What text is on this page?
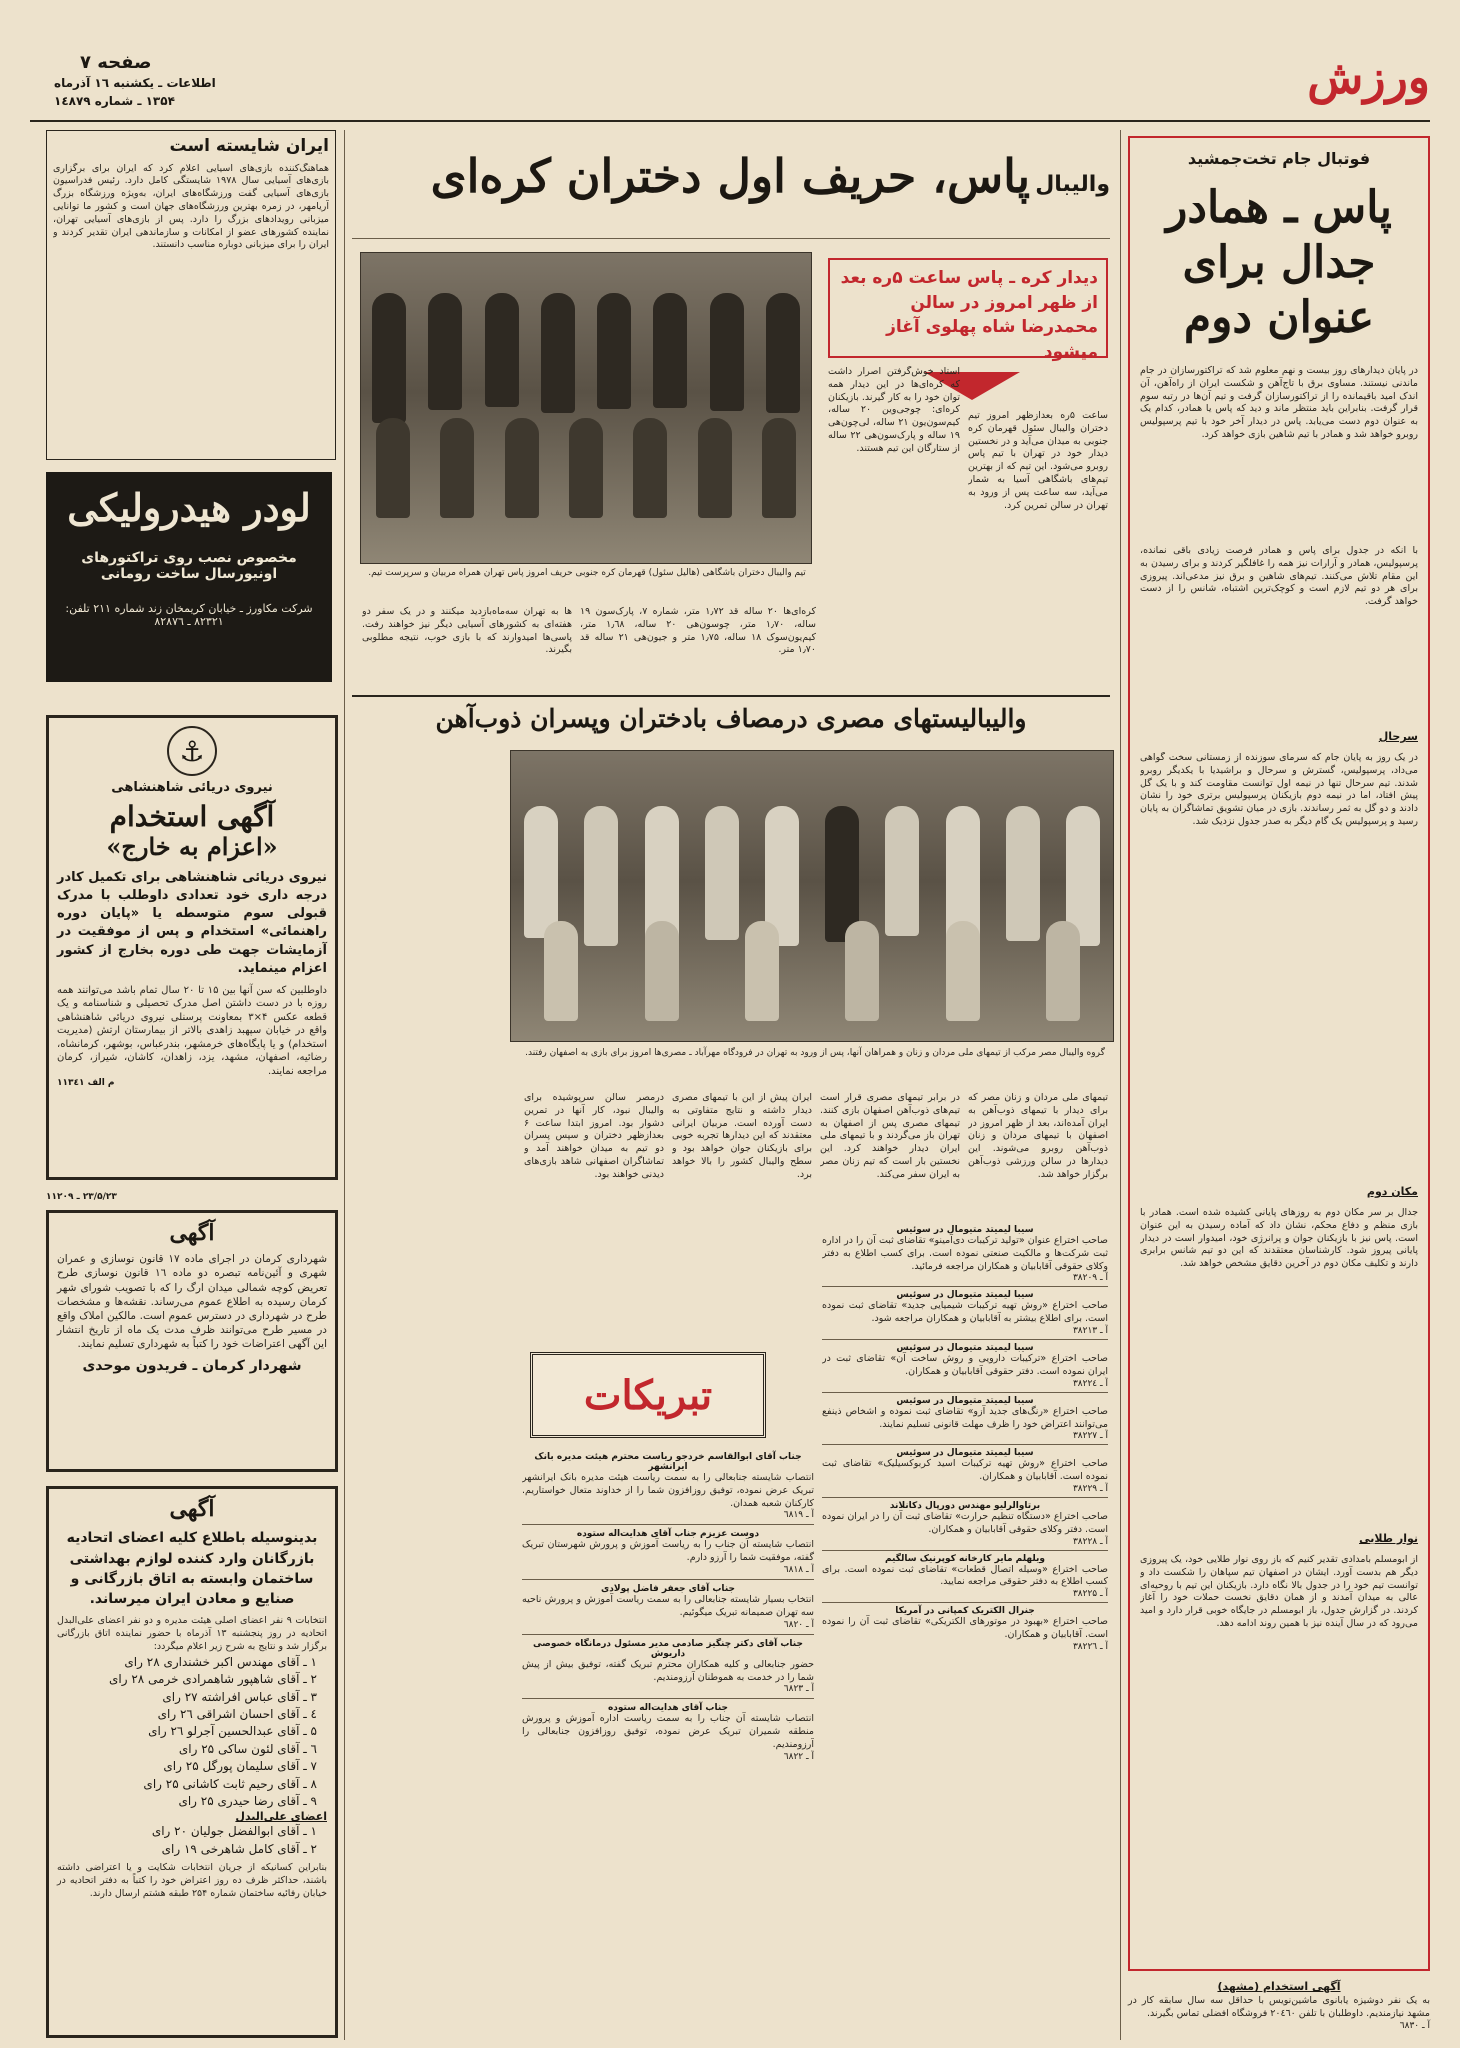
ورزش
صفحه ۷
اطلاعات ـ یکشنبه ۱٦ آذرماه
۱۳۵۴ ـ شماره ۱٤۸۷۹
فوتبال جام تخت‌جمشید
پاس ـ همادر جدال برای عنوان دوم
در پایان دیدارهای روز بیست و نهم معلوم شد که تراکتورسازان در جام ماندنی نیستند. مساوی برق با تاج‌آهن و شکست ایران از راه‌آهن، آن اندک امید باقیمانده را از تراکتورسازان گرفت و تیم آن‌ها در رتبه سوم قرار گرفت. بنابراین باید منتظر ماند و دید که پاس یا همادر، کدام یک به عنوان دوم دست می‌یابد. پاس در دیدار آخر خود با تیم پرسپولیس روبرو خواهد شد و همادر با تیم شاهین بازی خواهد کرد.
با آنکه در جدول برای پاس و همادر فرصت زیادی باقی نمانده، پرسپولیس، همادر و آرارات نیز همه را غافلگیر کردند و برای رسیدن به این مقام تلاش می‌کنند. تیم‌های شاهین و برق نیز مدعی‌اند. پیروزی برای هر دو تیم لازم است و کوچک‌ترین اشتباه، شانس را از دست خواهد گرفت.
سرحال
در یک روز به پایان جام که سرمای سوزنده از زمستانی سخت گواهی می‌داد، پرسپولیس، گسترش و سرحال و براشیدیا با یکدیگر روبرو شدند. تیم سرحال تنها در نیمه اول توانست مقاومت کند و با یک گل پیش افتاد، اما در نیمه دوم بازیکنان پرسپولیس برتری خود را نشان دادند و دو گل به ثمر رساندند. بازی در میان تشویق تماشاگران به پایان رسید و پرسپولیس یک گام دیگر به صدر جدول نزدیک شد.
مکان دوم
جدال بر سر مکان دوم به روزهای پایانی کشیده شده است. همادر با بازی منظم و دفاع محکم، نشان داد که آماده رسیدن به این عنوان است. پاس نیز با بازیکنان جوان و پرانرژی خود، امیدوار است در دیدار پایانی پیروز شود. کارشناسان معتقدند که این دو تیم شانس برابری دارند و تکلیف مکان دوم در آخرین دقایق مشخص خواهد شد.
نوار طلایی
از ابومسلم بامدادی تقدیر کنیم که باز روی نوار طلایی خود، یک پیروزی دیگر هم بدست آورد. ایشان در اصفهان تیم سپاهان را شکست داد و توانست تیم خود را در جدول بالا نگاه دارد. بازیکنان این تیم با روحیه‌ای عالی به میدان آمدند و از همان دقایق نخست حملات خود را آغاز کردند. در گزارش جدول، باز ابومسلم در جایگاه خوبی قرار دارد و امید می‌رود که در سال آینده نیز با همین روند ادامه دهد.
آگهی استخدام (مشهد)
به یک نفر دوشیزه یابانوی ماشین‌نویس با حداقل سه سال سابقه کار در مشهد نیازمندیم. داوطلبان با تلفن ۲۰٤٦۰ فروشگاه افضلی تماس بگیرند.
آ ـ ٦۸۳۰
والیبال
پاس، حریف اول دختران کره‌ای
دیدار کره ـ پاس ساعت ۵ره بعد از ظهر امروز در سالن محمدرضا شاه پهلوی آغاز میشود
ساعت ۵ره بعدازظهر امروز تیم دختران والیبال سئول قهرمان کره جنوبی به میدان می‌آید و در نخستین دیدار خود در تهران با تیم پاس روبرو می‌شود. این تیم که از بهترین تیم‌های باشگاهی آسیا به شمار می‌آید، سه ساعت پس از ورود به تهران در سالن تمرین کرد.
استاد خوش‌گرفتن اصرار داشت که کره‌ای‌ها در این دیدار همه توان خود را به کار گیرند. بازیکنان کره‌ای: چوجی‌وین ۲۰ ساله، کیم‌سون‌یون ۲۱ ساله، لی‌چون‌هی ۱۹ ساله و پارک‌سون‌هی ۲۲ ساله از ستارگان این تیم هستند.
تیم والیبال دختران باشگاهی (هالیل سئول) قهرمان کره جنوبی حریف امروز پاس تهران همراه مربیان و سرپرست تیم.
کره‌ای‌ها ۲۰ ساله قد ۱٫۷۲ متر، شماره ۷، پارک‌سون ۱۹ ساله، ۱٫۷۰ متر، چوسون‌هی ۲۰ ساله، ۱٫٦۸ متر، کیم‌یون‌سوک ۱۸ ساله، ۱٫۷۵ متر و جیون‌هی ۲۱ ساله قد ۱٫۷۰ متر.
ها به تهران سه‌ماه‌بازدید میکنند و در یک سفر دو هفته‌ای به کشورهای آسیایی دیگر نیز خواهند رفت. پاسی‌ها امیدوارند که با بازی خوب، نتیجه مطلوبی بگیرند.
والیبالیستهای مصری درمصاف بادختران وپسران ذوب‌آهن
گروه والیبال مصر مرکب از تیمهای ملی مردان و زنان و همراهان آنها، پس از ورود به تهران در فرودگاه مهرآباد ـ مصری‌ها امروز برای بازی به اصفهان رفتند.
تیمهای ملی مردان و زنان مصر که برای دیدار با تیمهای ذوب‌آهن به ایران آمده‌اند، بعد از ظهر امروز در اصفهان با تیمهای مردان و زنان ذوب‌آهن روبرو می‌شوند. این دیدارها در سالن ورزشی ذوب‌آهن برگزار خواهد شد.
در برابر تیمهای مصری قرار است تیم‌های ذوب‌آهن اصفهان بازی کنند. تیمهای مصری پس از اصفهان به تهران باز می‌گردند و با تیمهای ملی ایران دیدار خواهند کرد. این نخستین بار است که تیم زنان مصر به ایران سفر می‌کند.
ایران پیش از این با تیمهای مصری دیدار داشته و نتایج متفاوتی به دست آورده است. مربیان ایرانی معتقدند که این دیدارها تجربه خوبی برای بازیکنان جوان خواهد بود و سطح والیبال کشور را بالا خواهد برد.
درمصر سالن سرپوشیده برای والیبال نبود، کار آنها در تمرین دشوار بود. امروز ابتدا ساعت ۶ بعدازظهر دختران و سپس پسران دو تیم به میدان خواهند آمد و تماشاگران اصفهانی شاهد بازی‌های دیدنی خواهند بود.
سیبا لیمیتد متیومال در سوئیس
صاحب اختراع عنوان «تولید ترکیبات دی‌آمینو» تقاضای ثبت آن را در اداره ثبت شرکت‌ها و مالکیت صنعتی نموده است. برای کسب اطلاع به دفتر وکلای حقوقی آقابابیان و همکاران مراجعه فرمائید.
آ ـ ۳۸۲۰۹
سیبا لیمیتد متیومال در سوئیس
صاحب اختراع «روش تهیه ترکیبات شیمیایی جدید» تقاضای ثبت نموده است. برای اطلاع بیشتر به آقابابیان و همکاران مراجعه شود.
آ ـ ۳۸۲۱۳
سیبا لیمیتد متیومال در سوئیس
صاحب اختراع «ترکیبات دارویی و روش ساخت آن» تقاضای ثبت در ایران نموده است. دفتر حقوقی آقابابیان و همکاران.
آ ـ ۳۸۲۲٤
سیبا لیمیتد متیومال در سوئیس
صاحب اختراع «رنگ‌های جدید آزو» تقاضای ثبت نموده و اشخاص ذینفع می‌توانند اعتراض خود را ظرف مهلت قانونی تسلیم نمایند.
آ ـ ۳۸۲۲۷
سیبا لیمیتد متیومال در سوئیس
صاحب اختراع «روش تهیه ترکیبات اسید کربوکسیلیک» تقاضای ثبت نموده است. آقابابیان و همکاران.
آ ـ ۳۸۲۲۹
برتاوالرلیو مهندس دورپال دکانلاند
صاحب اختراع «دستگاه تنظیم حرارت» تقاضای ثبت آن را در ایران نموده است. دفتر وکلای حقوقی آقابابیان و همکاران.
آ ـ ۳۸۲۲۸
ویلهلم مایر کارخانه کوپرنیک سالگیم
صاحب اختراع «وسیله اتصال قطعات» تقاضای ثبت نموده است. برای کسب اطلاع به دفتر حقوقی مراجعه نمایید.
آ ـ ۳۸۲۲۵
جنرال الکتریک کمپانی در آمریکا
صاحب اختراع «بهبود در موتورهای الکتریکی» تقاضای ثبت آن را نموده است. آقابابیان و همکاران.
آ ـ ۳۸۲۲٦
تبریکات
جناب آقای ابوالقاسم خردجو ریاست محترم هیئت مدیره بانک ایرانشهر
انتصاب شایسته جنابعالی را به سمت ریاست هیئت مدیره بانک ایرانشهر تبریک عرض نموده، توفیق روزافزون شما را از خداوند متعال خواستاریم. کارکنان شعبه همدان.
آ ـ ٦۸۱۹
دوست عزیزم جناب آقای هدایت‌اله ستوده
انتصاب شایسته آن جناب را به ریاست آموزش و پرورش شهرستان تبریک گفته، موفقیت شما را آرزو دارم.
آ ـ ٦۸۱۸
جناب آقای جعفر فاضل پولادی
انتخاب بسیار شایسته جنابعالی را به سمت ریاست آموزش و پرورش ناحیه سه تهران صمیمانه تبریک میگوئیم.
آ ـ ٦۸۲۰
جناب آقای دکتر چنگیز صادمی مدیر مسئول درمانگاه خصوصی داریوش
حضور جنابعالی و کلیه همکاران محترم تبریک گفته، توفیق بیش از پیش شما را در خدمت به هموطنان آرزومندیم.
آ ـ ٦۸۲۳
جناب آقای هدایت‌اله ستوده
انتصاب شایسته آن جناب را به سمت ریاست اداره آموزش و پرورش منطقه شمیران تبریک عرض نموده، توفیق روزافزون جنابعالی را آرزومندیم.
آ ـ ٦۸۲۲
ایران شایسته است
هماهنگ‌کننده بازی‌های آسیایی اعلام کرد که ایران برای برگزاری بازی‌های آسیایی سال ۱۹۷۸ شایستگی کامل دارد. رئیس فدراسیون بازی‌های آسیایی گفت ورزشگاه‌های ایران، به‌ویژه ورزشگاه بزرگ آریامهر، در زمره بهترین ورزشگاه‌های جهان است و کشور ما توانایی میزبانی رویدادهای بزرگ را دارد. پس از بازی‌های آسیایی تهران، نماینده کشورهای عضو از امکانات و سازماندهی ایران تقدیر کردند و ایران را برای میزبانی دوباره مناسب دانستند.
لودر هیدرولیکی
مخصوص نصب روی تراکتورهای اونیورسال ساخت رومانی
شرکت مکاورز ـ خیابان کریمخان زند شماره ۲۱۱ تلفن: ۸۲۳۲۱ ـ ۸۲۸۷٦
⚓
نیروی دریائی شاهنشاهی
آگهی استخدام
«اعزام به خارج»
نیروی دریائی شاهنشاهی برای تکمیل کادر درجه داری خود تعدادی داوطلب با مدرک قبولی سوم متوسطه یا «پایان دوره راهنمائی» استخدام و پس از موفقیت در آزمایشات جهت طی دوره بخارج از کشور اعزام مینماید.
داوطلبین که سن آنها بین ۱۵ تا ۲۰ سال تمام باشد می‌توانند همه روزه با در دست داشتن اصل مدرک تحصیلی و شناسنامه و یک قطعه عکس ۴×۳ بمعاونت پرسنلی نیروی دریائی شاهنشاهی واقع در خیابان سپهبد زاهدی بالاتر از بیمارستان ارتش (مدیریت استخدام) و یا پایگاه‌های خرمشهر، بندرعباس، بوشهر، کرمانشاه، رضائیه، اصفهان، مشهد، یزد، زاهدان، کاشان، شیراز، کرمان مراجعه نمایند.
م الف ۱۱۳٤۱
۲۳/۵/۲۳ ـ ۱۱۲۰۹
آگهی
شهرداری کرمان در اجرای ماده ۱۷ قانون نوسازی و عمران شهری و آئین‌نامه تبصره دو ماده ۱٦ قانون نوسازی طرح تعریض کوچه شمالی میدان ارگ را که با تصویب شورای شهر کرمان رسیده به اطلاع عموم می‌رساند. نقشه‌ها و مشخصات طرح در شهرداری در دسترس عموم است. مالکین املاک واقع در مسیر طرح می‌توانند ظرف مدت یک ماه از تاریخ انتشار این آگهی اعتراضات خود را کتباً به شهرداری تسلیم نمایند.
شهردار کرمان ـ فریدون موحدی
آگهی
بدینوسیله باطلاع کلیه اعضای اتحادیه بازرگانان وارد کننده لوازم بهداشتی ساختمان وابسته به اتاق بازرگانی و صنایع و معادن ایران میرساند.
انتخابات ۹ نفر اعضای اصلی هیئت مدیره و دو نفر اعضای علی‌البدل اتحادیه در روز پنجشنبه ۱۳ آذرماه با حضور نماینده اتاق بازرگانی برگزار شد و نتایج به شرح زیر اعلام میگردد:
۱ ـ آقای مهندس اکبر خشنداری ۲۸ رای
۲ ـ آقای شاهپور شاهمرادی خرمی ۲۸ رای
۳ ـ آقای عباس افراشته ۲۷ رای
٤ ـ آقای احسان اشراقی ۲٦ رای
۵ ـ آقای عبدالحسین آجرلو ۲٦ رای
٦ ـ آقای لئون ساکی ۲۵ رای
۷ ـ آقای سلیمان پورگل ۲۵ رای
۸ ـ آقای رحیم ثابت کاشانی ۲۵ رای
۹ ـ آقای رضا حیدری ۲۵ رای
اعضای علی‌البدل
۱ ـ آقای ابوالفضل جولیان ۲۰ رای
۲ ـ آقای کامل شاهرخی ۱۹ رای
بنابراین کسانیکه از جریان انتخابات شکایت و یا اعتراضی داشته باشند، حداکثر ظرف ده روز اعتراض خود را کتباً به دفتر اتحادیه در خیابان رفائیه ساختمان شماره ۲۵۴ طبقه هشتم ارسال دارند.
